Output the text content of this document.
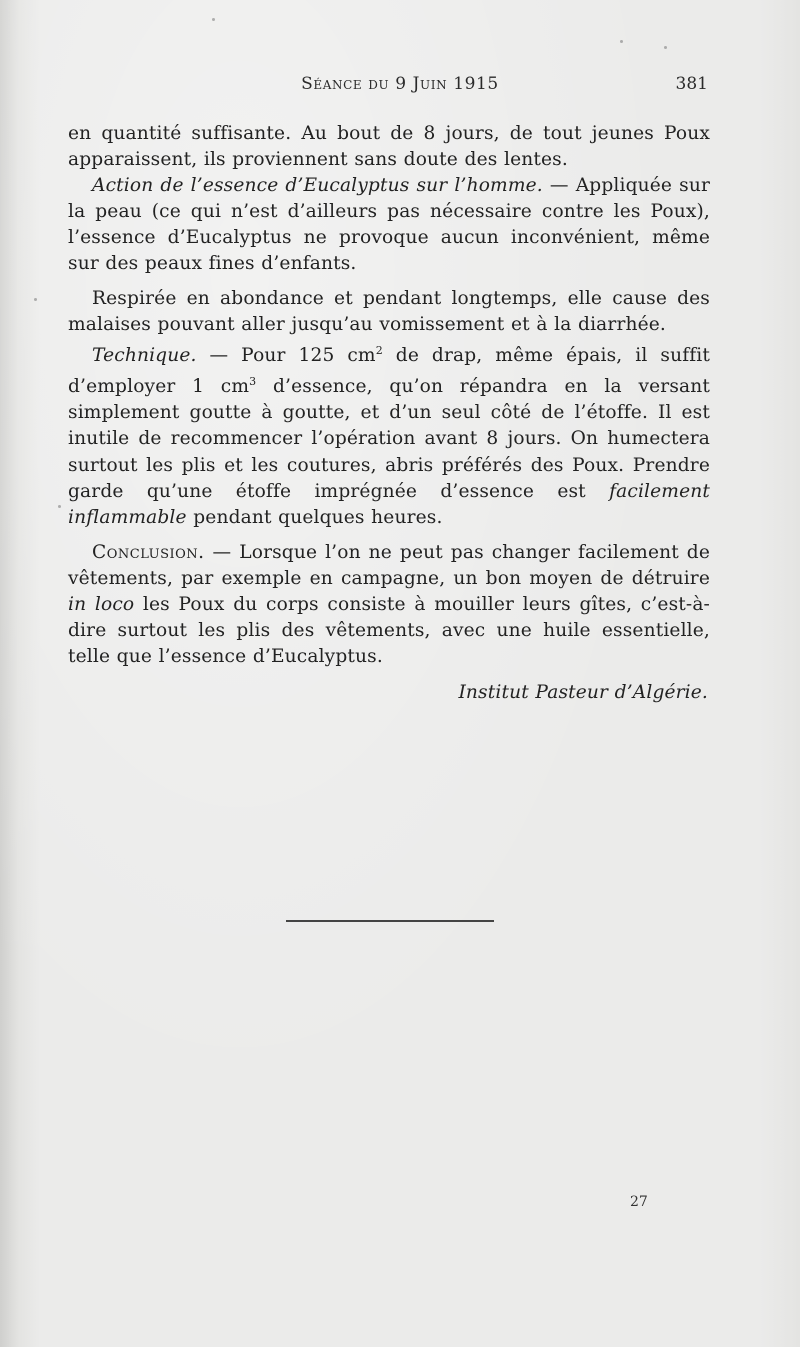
Séance du 9 Juin 1915	381

en quantité suffisante. Au bout de 8 jours, de tout jeunes Poux apparaissent, ils proviennent sans doute des lentes.

Action de l’essence d’Eucalyptus sur l’homme. — Appliquée sur la peau (ce qui n’est d’ailleurs pas nécessaire contre les Poux), l’essence d’Eucalyptus ne provoque aucun inconvénient, même sur des peaux fines d’enfants.

Respirée en abondance et pendant longtemps, elle cause des malaises pouvant aller jusqu’au vomissement et à la diarrhée.

Technique. — Pour 125 $cm^2$ de drap, même épais, il suffit d’employer 1 $cm^3$ d’essence, qu’on répandra en la versant simplement goutte à goutte, et d’un seul côté de l’étoffe. Il est inutile de recommencer l’opération avant 8 jours. On humectera surtout les plis et les coutures, abris préférés des Poux. Prendre garde qu’une étoffe imprégnée d’essence est facilement inflammable pendant quelques heures.

Conclusion. — Lorsque l’on ne peut pas changer facilement de vêtements, par exemple en campagne, un bon moyen de détruire in loco les Poux du corps consiste à mouiller leurs gîtes, c’est-à-dire surtout les plis des vêtements, avec une huile essentielle, telle que l’essence d’Eucalyptus.

Institut Pasteur d’Algérie.
27
